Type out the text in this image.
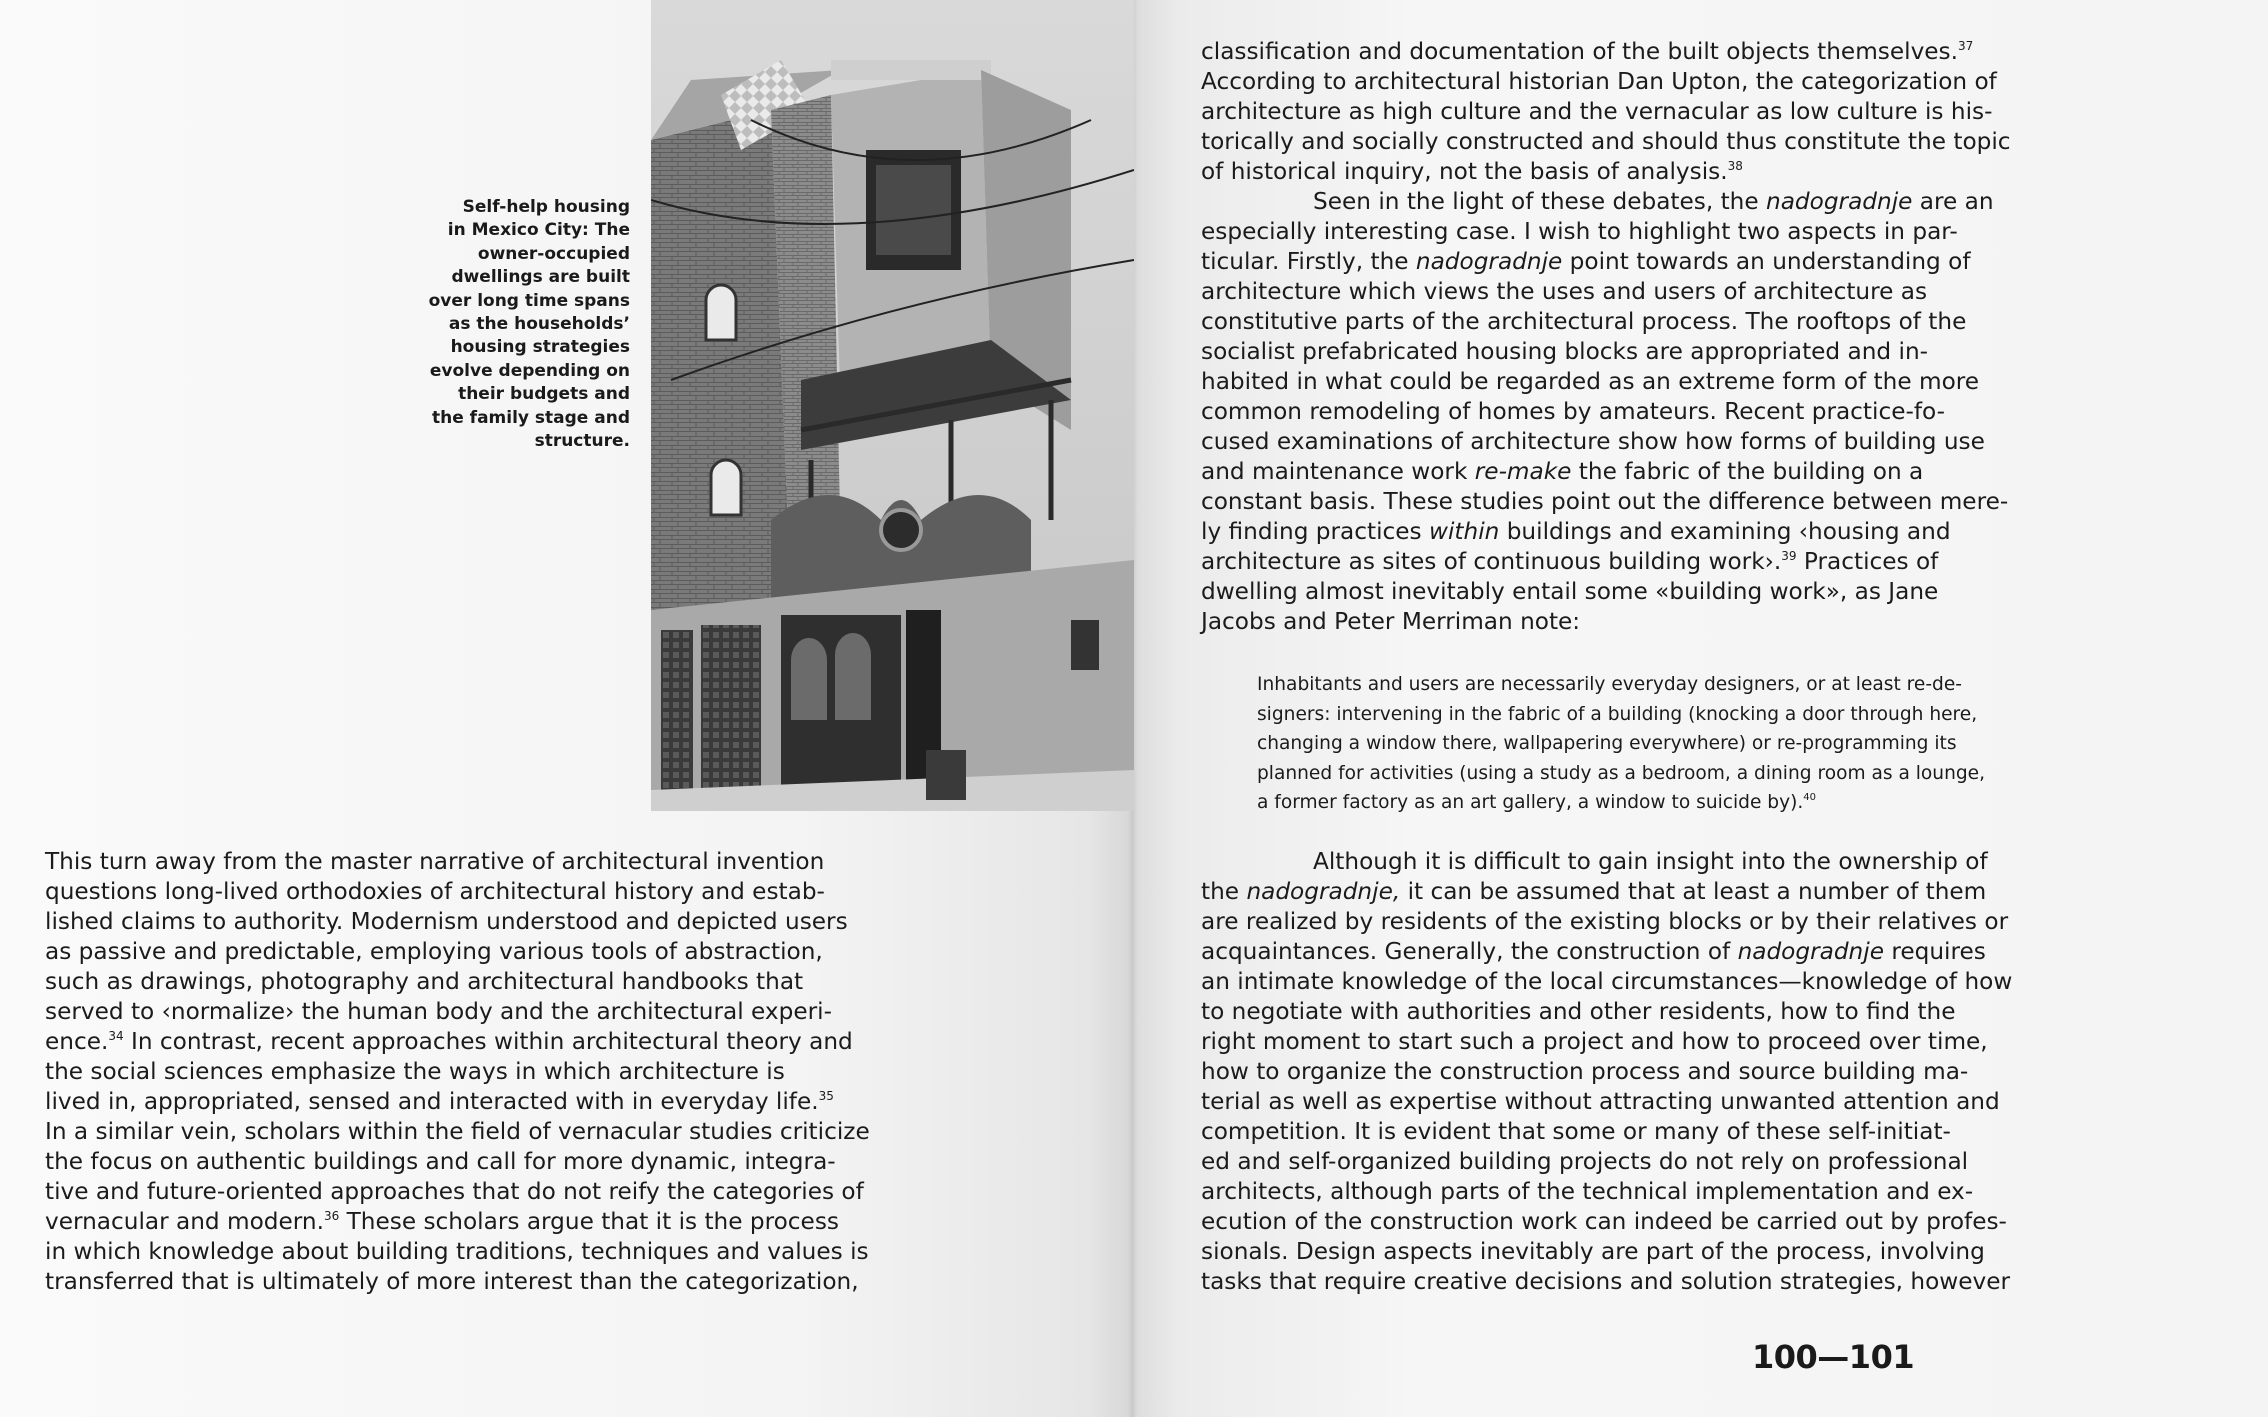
Self-help housing
in Mexico City: The
owner-occupied
dwellings are built
over long time spans
as the households’
housing strategies
evolve depending on
their budgets and
the family stage and
structure.
This turn away from the master narrative of architectural invention
questions long-lived orthodoxies of architectural history and estab-
lished claims to authority. Modernism understood and depicted users
as passive and predictable, employing various tools of abstraction,
such as drawings, photography and architectural handbooks that
served to ‹normalize› the human body and the architectural experi-
ence.$^{34}$ In contrast, recent approaches within architectural theory and
the social sciences emphasize the ways in which architecture is
lived in, appropriated, sensed and interacted with in everyday life.$^{35}$
In a similar vein, scholars within the field of vernacular studies criticize
the focus on authentic buildings and call for more dynamic, integra-
tive and future-oriented approaches that do not reify the categories of
vernacular and modern.$^{36}$ These scholars argue that it is the process
in which knowledge about building traditions, techniques and values is
transferred that is ultimately of more interest than the categorization,
classification and documentation of the built objects themselves.$^{37}$
According to architectural historian Dan Upton, the categorization of
architecture as high culture and the vernacular as low culture is his-
torically and socially constructed and should thus constitute the topic
of historical inquiry, not the basis of analysis.$^{38}$
Seen in the light of these debates, the nadogradnje are an
especially interesting case. I wish to highlight two aspects in par-
ticular. Firstly, the nadogradnje point towards an understanding of
architecture which views the uses and users of architecture as
constitutive parts of the architectural process. The rooftops of the
socialist prefabricated housing blocks are appropriated and in-
habited in what could be regarded as an extreme form of the more
common remodeling of homes by amateurs. Recent practice-fo-
cused examinations of architecture show how forms of building use
and maintenance work re-make the fabric of the building on a
constant basis. These studies point out the difference between mere-
ly finding practices within buildings and examining ‹housing and
architecture as sites of continuous building work›.$^{39}$ Practices of
dwelling almost inevitably entail some «building work», as Jane
Jacobs and Peter Merriman note:
Inhabitants and users are necessarily everyday designers, or at least re-de-
signers: intervening in the fabric of a building (knocking a door through here,
changing a window there, wallpapering everywhere) or re-programming its
planned for activities (using a study as a bedroom, a dining room as a lounge,
a former factory as an art gallery, a window to suicide by).$^{40}$
Although it is difficult to gain insight into the ownership of
the nadogradnje, it can be assumed that at least a number of them
are realized by residents of the existing blocks or by their relatives or
acquaintances. Generally, the construction of nadogradnje requires
an intimate knowledge of the local circumstances—knowledge of how
to negotiate with authorities and other residents, how to find the
right moment to start such a project and how to proceed over time,
how to organize the construction process and source building ma-
terial as well as expertise without attracting unwanted attention and
competition. It is evident that some or many of these self-initiat-
ed and self-organized building projects do not rely on professional
architects, although parts of the technical implementation and ex-
ecution of the construction work can indeed be carried out by profes-
sionals. Design aspects inevitably are part of the process, involving
tasks that require creative decisions and solution strategies, however
100—101
